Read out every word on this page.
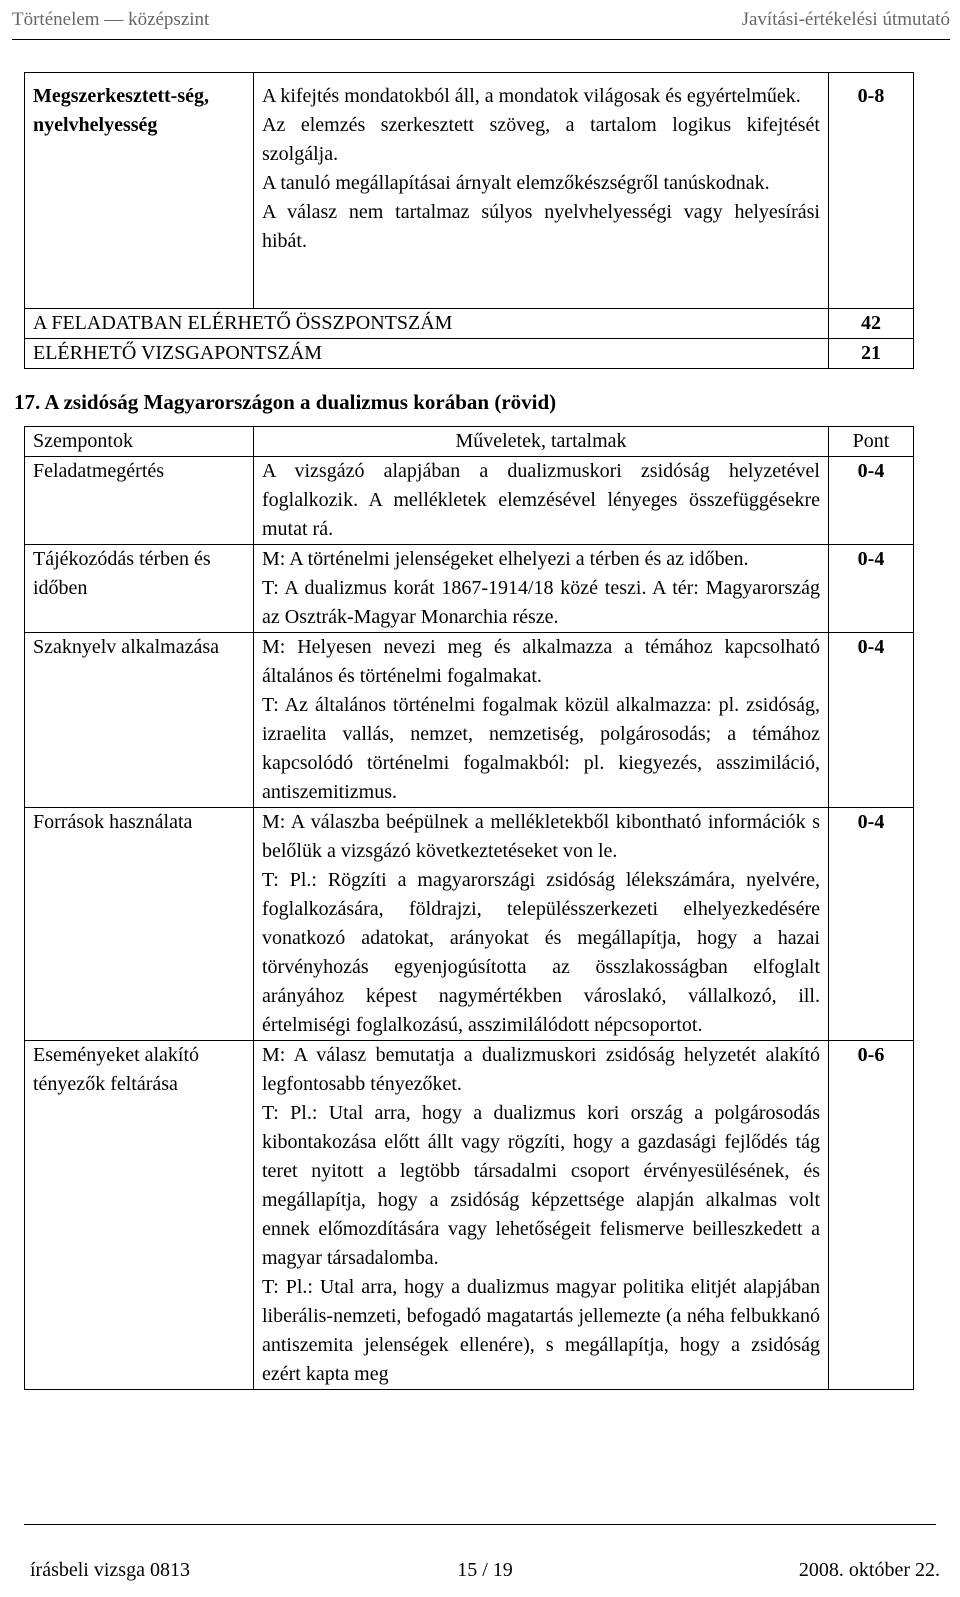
Történelem — középszint	Javítási-értékelési útmutató
Megszerkesztett-ség, nyelvhelyesség	A kifejtés mondatokból áll, a mondatok világosak és egyértelműek.

Az elemzés szerkesztett szöveg, a tartalom logikus kifejtését szolgálja.

A tanuló megállapításai árnyalt elemzőkészségről tanúskodnak.

A válasz nem tartalmaz súlyos nyelvhelyességi vagy helyesírási hibát.	0-8
A FELADATBAN ELÉRHETŐ ÖSSZPONTSZÁM		42
ELÉRHETŐ VIZSGAPONTSZÁM		21
17. A zsidóság Magyarországon a dualizmus korában (rövid)
Szempontok	Műveletek, tartalmak	Pont
Feladatmegértés	A vizsgázó alapjában a dualizmuskori zsidóság helyzetével foglalkozik. A mellékletek elemzésével lényeges összefüggésekre mutat rá.	0-4
Tájékozódás térben és időben	M: A történelmi jelenségeket elhelyezi a térben és az időben.

T: A dualizmus korát 1867-1914/18 közé teszi. A tér: Magyarország az Osztrák-Magyar Monarchia része.	0-4
Szaknyelv alkalmazása	M: Helyesen nevezi meg és alkalmazza a témához kapcsolható általános és történelmi fogalmakat.

T: Az általános történelmi fogalmak közül alkalmazza: pl. zsidóság, izraelita vallás, nemzet, nemzetiség, polgárosodás; a témához kapcsolódó történelmi fogalmakból: pl. kiegyezés, asszimiláció, antiszemitizmus.	0-4
Források használata	M: A válaszba beépülnek a mellékletekből kibontható információk s belőlük a vizsgázó következtetéseket von le.

T: Pl.: Rögzíti a magyarországi zsidóság lélekszámára, nyelvére, foglalkozására, földrajzi, településszerkezeti elhelyezkedésére vonatkozó adatokat, arányokat és megállapítja, hogy a hazai törvényhozás egyenjogúsította az összlakosságban elfoglalt arányához képest nagymértékben városlakó, vállalkozó, ill. értelmiségi foglalkozású, asszimilálódott népcsoportot.	0-4
Eseményeket alakító tényezők feltárása	M: A válasz bemutatja a dualizmuskori zsidóság helyzetét alakító legfontosabb tényezőket.

T: Pl.: Utal arra, hogy a dualizmus kori ország a polgárosodás kibontakozása előtt állt vagy rögzíti, hogy a gazdasági fejlődés tág teret nyitott a legtöbb társadalmi csoport érvényesülésének, és megállapítja, hogy a zsidóság képzettsége alapján alkalmas volt ennek előmozdítására vagy lehetőségeit felismerve beilleszkedett a magyar társadalomba.

T: Pl.: Utal arra, hogy a dualizmus magyar politika elitjét alapjában liberális-nemzeti, befogadó magatartás jellemezte (a néha felbukkanó antiszemita jelenségek ellenére), s megállapítja, hogy a zsidóság ezért kapta meg	0-6
írásbeli vizsga 0813	15 / 19	2008. október 22.
